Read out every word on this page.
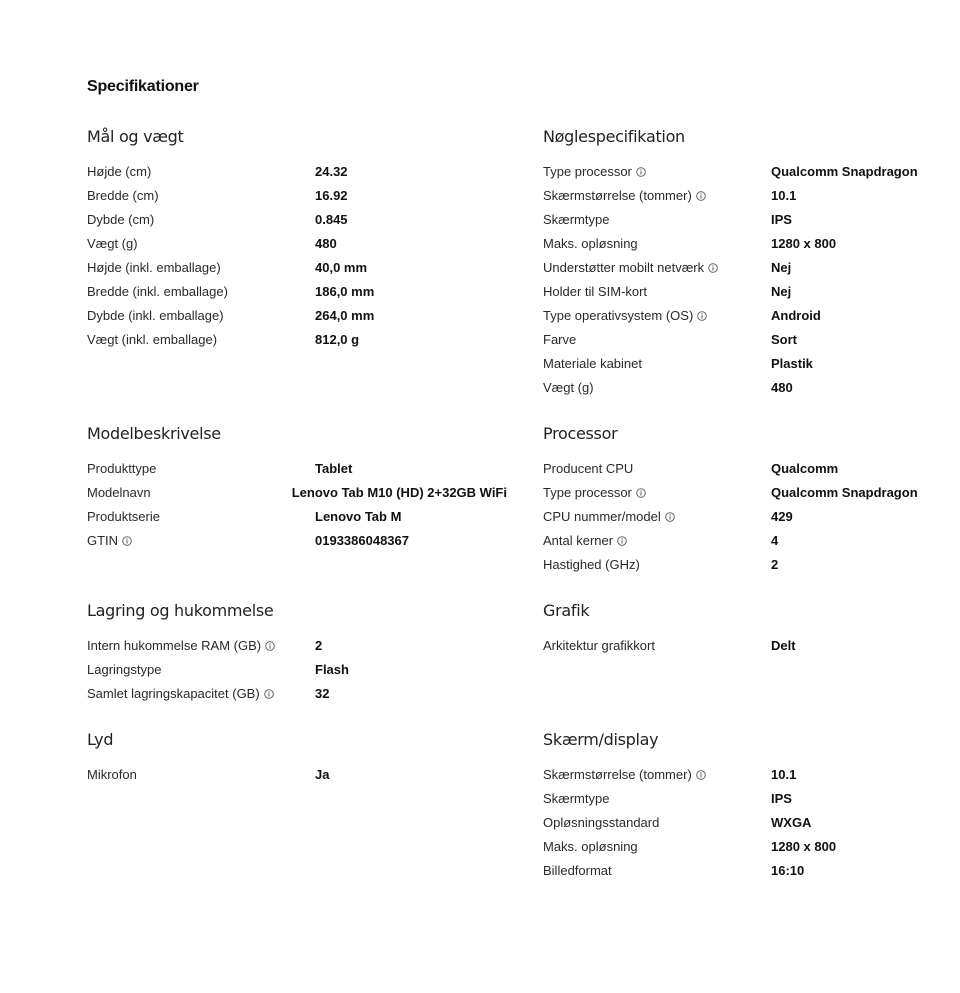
Specifikationer
Mål og vægt
Højde (cm)	24.32
Bredde (cm)	16.92
Dybde (cm)	0.845
Vægt (g)	480
Højde (inkl. emballage)	40,0 mm
Bredde (inkl. emballage)	186,0 mm
Dybde (inkl. emballage)	264,0 mm
Vægt (inkl. emballage)	812,0 g
Nøglespecifikation
Type processor	Qualcomm Snapdragon
Skærmstørrelse (tommer)	10.1
Skærmtype	IPS
Maks. opløsning	1280 x 800
Understøtter mobilt netværk	Nej
Holder til SIM-kort	Nej
Type operativsystem (OS)	Android
Farve	Sort
Materiale kabinet	Plastik
Vægt (g)	480
Modelbeskrivelse
Produkttype	Tablet
Modelnavn	Lenovo Tab M10 (HD) 2+32GB WiFi
Produktserie	Lenovo Tab M
GTIN	0193386048367
Processor
Producent CPU	Qualcomm
Type processor	Qualcomm Snapdragon
CPU nummer/model	429
Antal kerner	4
Hastighed (GHz)	2
Lagring og hukommelse
Intern hukommelse RAM (GB)	2
Lagringstype	Flash
Samlet lagringskapacitet (GB)	32
Grafik
Arkitektur grafikkort	Delt
Lyd
Mikrofon	Ja
Skærm/display
Skærmstørrelse (tommer)	10.1
Skærmtype	IPS
Opløsningsstandard	WXGA
Maks. opløsning	1280 x 800
Billedformat	16:10
